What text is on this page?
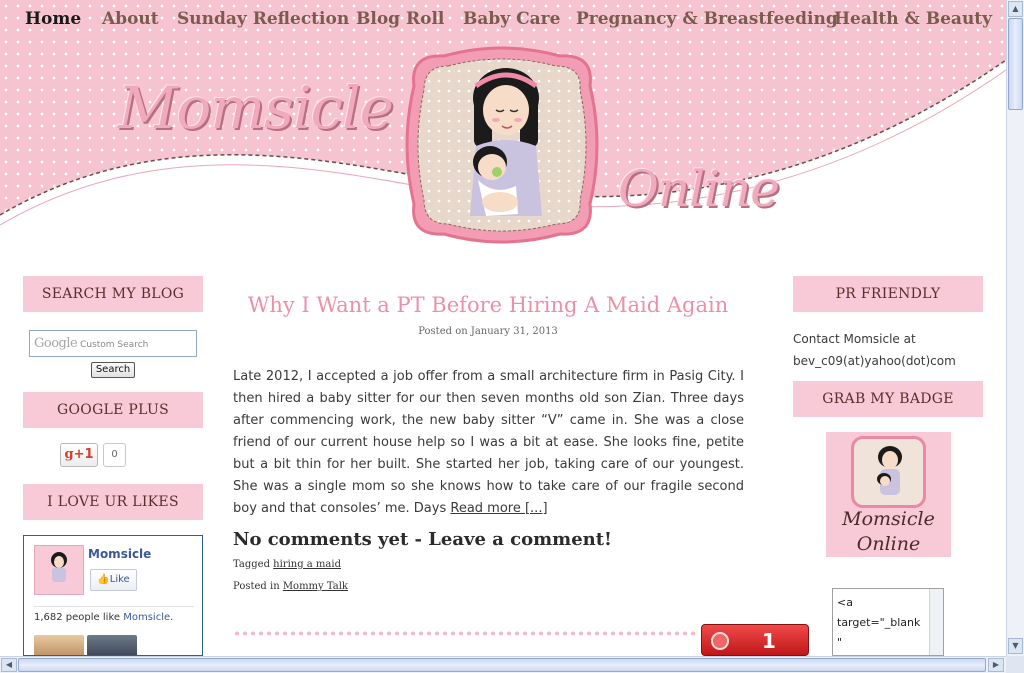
Home About Sunday Reflection Blog Roll Baby Care Pregnancy & Breastfeeding
Health & Beauty
Momsicle
Online
SEARCH MY BLOG
Google Custom Search
Search
GOOGLE PLUS
g+1	0
I LOVE UR LIKES
Momsicle
👍Like
1,682 people like Momsicle.
Why I Want a PT Before Hiring A Maid Again
Posted on January 31, 2013
Late 2012, I accepted a job offer from a small architecture firm in Pasig City. I then hired a baby sitter for our then seven months old son Zian. Three days after commencing work, the new baby sitter “V” came in. She was a close friend of our current house help so I was a bit at ease. She looks fine, petite but a bit thin for her built. She started her job, taking care of our youngest. She was a single mom so she knows how to take care of our fragile second boy and that consoles’ me. Days Read more [...]
No comments yet - Leave a comment!
Tagged hiring a maid
Posted in Mommy Talk
1
PR FRIENDLY
Contact Momsicle at
bev_c09(at)yahoo(dot)com
GRAB MY BADGE
Momsicle
Online
<a
target="_blank
"
▲
▼
◀	▶
